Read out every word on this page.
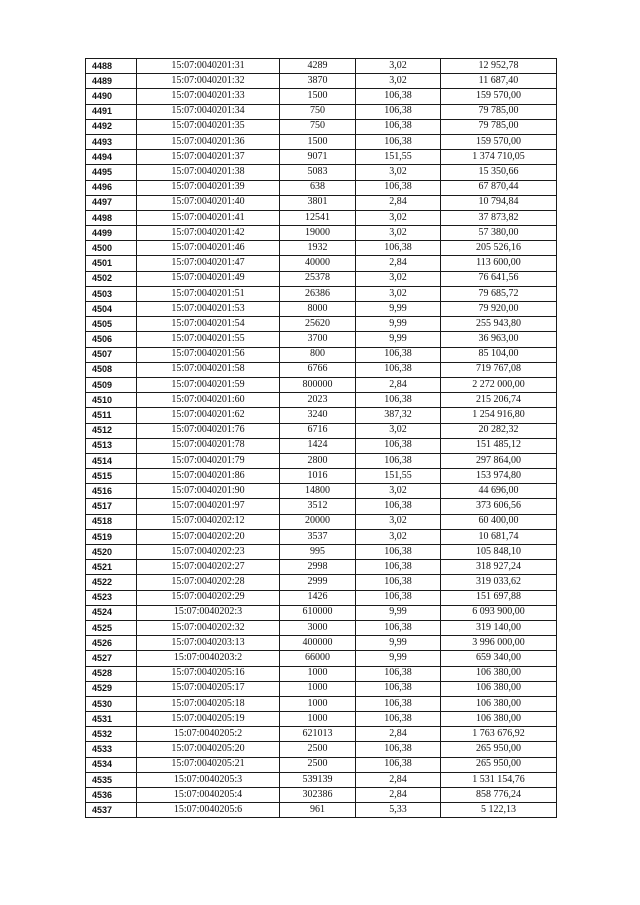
4488	15:07:0040201:31	4289	3,02	12 952,78
4489	15:07:0040201:32	3870	3,02	11 687,40
4490	15:07:0040201:33	1500	106,38	159 570,00
4491	15:07:0040201:34	750	106,38	79 785,00
4492	15:07:0040201:35	750	106,38	79 785,00
4493	15:07:0040201:36	1500	106,38	159 570,00
4494	15:07:0040201:37	9071	151,55	1 374 710,05
4495	15:07:0040201:38	5083	3,02	15 350,66
4496	15:07:0040201:39	638	106,38	67 870,44
4497	15:07:0040201:40	3801	2,84	10 794,84
4498	15:07:0040201:41	12541	3,02	37 873,82
4499	15:07:0040201:42	19000	3,02	57 380,00
4500	15:07:0040201:46	1932	106,38	205 526,16
4501	15:07:0040201:47	40000	2,84	113 600,00
4502	15:07:0040201:49	25378	3,02	76 641,56
4503	15:07:0040201:51	26386	3,02	79 685,72
4504	15:07:0040201:53	8000	9,99	79 920,00
4505	15:07:0040201:54	25620	9,99	255 943,80
4506	15:07:0040201:55	3700	9,99	36 963,00
4507	15:07:0040201:56	800	106,38	85 104,00
4508	15:07:0040201:58	6766	106,38	719 767,08
4509	15:07:0040201:59	800000	2,84	2 272 000,00
4510	15:07:0040201:60	2023	106,38	215 206,74
4511	15:07:0040201:62	3240	387,32	1 254 916,80
4512	15:07:0040201:76	6716	3,02	20 282,32
4513	15:07:0040201:78	1424	106,38	151 485,12
4514	15:07:0040201:79	2800	106,38	297 864,00
4515	15:07:0040201:86	1016	151,55	153 974,80
4516	15:07:0040201:90	14800	3,02	44 696,00
4517	15:07:0040201:97	3512	106,38	373 606,56
4518	15:07:0040202:12	20000	3,02	60 400,00
4519	15:07:0040202:20	3537	3,02	10 681,74
4520	15:07:0040202:23	995	106,38	105 848,10
4521	15:07:0040202:27	2998	106,38	318 927,24
4522	15:07:0040202:28	2999	106,38	319 033,62
4523	15:07:0040202:29	1426	106,38	151 697,88
4524	15:07:0040202:3	610000	9,99	6 093 900,00
4525	15:07:0040202:32	3000	106,38	319 140,00
4526	15:07:0040203:13	400000	9,99	3 996 000,00
4527	15:07:0040203:2	66000	9,99	659 340,00
4528	15:07:0040205:16	1000	106,38	106 380,00
4529	15:07:0040205:17	1000	106,38	106 380,00
4530	15:07:0040205:18	1000	106,38	106 380,00
4531	15:07:0040205:19	1000	106,38	106 380,00
4532	15:07:0040205:2	621013	2,84	1 763 676,92
4533	15:07:0040205:20	2500	106,38	265 950,00
4534	15:07:0040205:21	2500	106,38	265 950,00
4535	15:07:0040205:3	539139	2,84	1 531 154,76
4536	15:07:0040205:4	302386	2,84	858 776,24
4537	15:07:0040205:6	961	5,33	5 122,13
